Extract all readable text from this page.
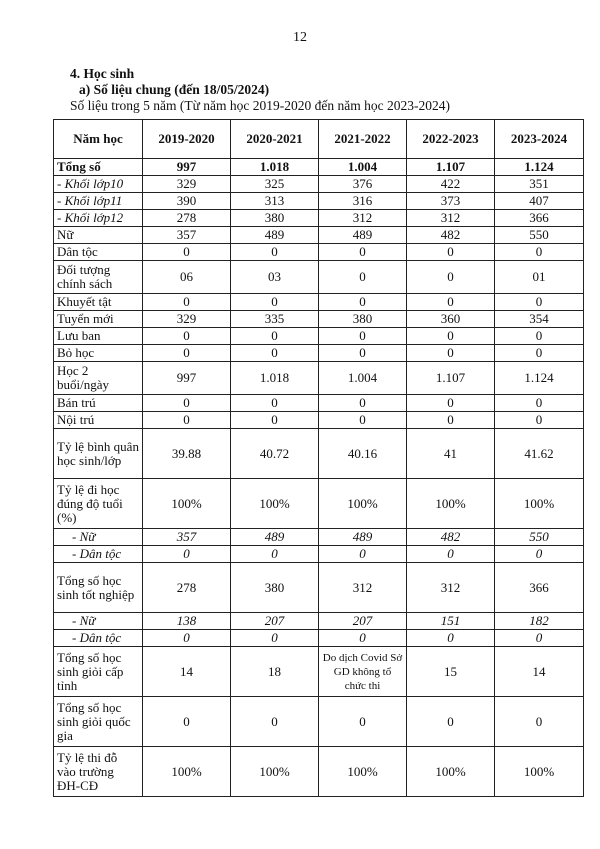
12
4. Học sinh
a) Số liệu chung (đến 18/05/2024)
Số liệu trong 5 năm (Từ năm học 2019-2020 đến năm học 2023-2024)
Năm học	2019-2020	2020-2021	2021-2022	2022-2023	2023-2024
Tổng số	997	1.018	1.004	1.107	1.124
- Khối lớp10	329	325	376	422	351
- Khối lớp11	390	313	316	373	407
- Khối lớp12	278	380	312	312	366
Nữ	357	489	489	482	550
Dân tộc	0	0	0	0	0
Đối tượng chính sách	06	03	0	0	01
Khuyết tật	0	0	0	0	0
Tuyển mới	329	335	380	360	354
Lưu ban	0	0	0	0	0
Bỏ học	0	0	0	0	0
Học 2 buổi/ngày	997	1.018	1.004	1.107	1.124
Bán trú	0	0	0	0	0
Nội trú	0	0	0	0	0
Tỷ lệ bình quân học sinh/lớp	39.88	40.72	40.16	41	41.62
Tỷ lệ đi học đúng độ tuổi (%)	100%	100%	100%	100%	100%
- Nữ	357	489	489	482	550
- Dân tộc	0	0	0	0	0
Tổng số học sinh tốt nghiệp	278	380	312	312	366
- Nữ	138	207	207	151	182
- Dân tộc	0	0	0	0	0
Tổng số học sinh giỏi cấp tỉnh	14	18	Do dịch Covid Sở GD không tổ chức thi	15	14
Tổng số học sinh giỏi quốc gia	0	0	0	0	0
Tỷ lệ thi đỗ vào trường ĐH-CĐ	100%	100%	100%	100%	100%
